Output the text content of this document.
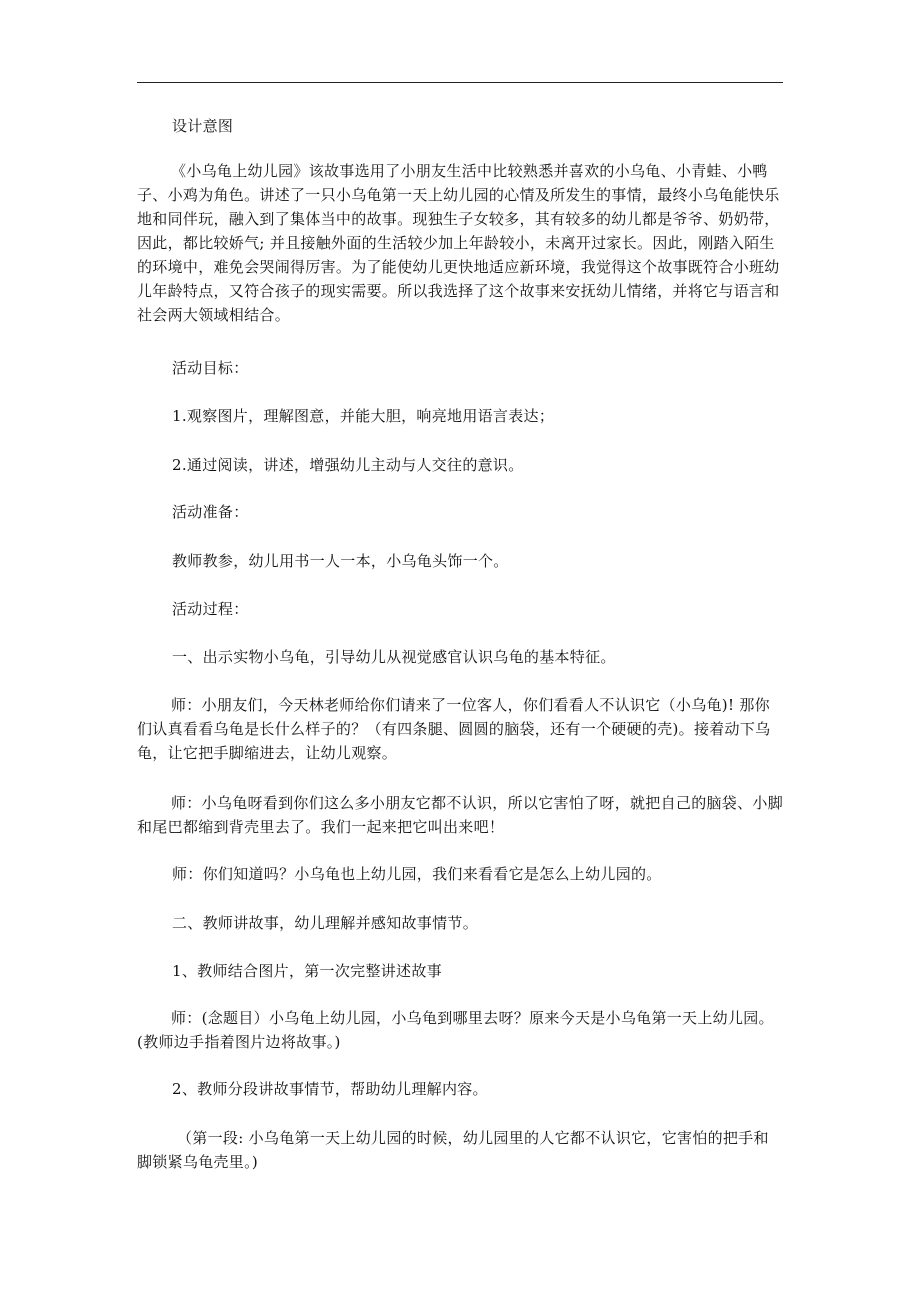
设计意图
《小乌龟上幼儿园》该故事选用了小朋友生活中比较熟悉并喜欢的小乌龟、小青蛙、小鸭子、小鸡为角色。讲述了一只小乌龟第一天上幼儿园的心情及所发生的事情，最终小乌龟能快乐地和同伴玩，融入到了集体当中的故事。现独生子女较多，其有较多的幼儿都是爷爷、奶奶带，因此，都比较娇气; 并且接触外面的生活较少加上年龄较小，未离开过家长。因此，刚踏入陌生的环境中，难免会哭闹得厉害。为了能使幼儿更快地适应新环境，我觉得这个故事既符合小班幼儿年龄特点，又符合孩子的现实需要。所以我选择了这个故事来安抚幼儿情绪，并将它与语言和社会两大领域相结合。
活动目标：
1.观察图片，理解图意，并能大胆，响亮地用语言表达；
2.通过阅读，讲述，增强幼儿主动与人交往的意识。
活动准备：
教师教参，幼儿用书一人一本，小乌龟头饰一个。
活动过程：
一、出示实物小乌龟，引导幼儿从视觉感官认识乌龟的基本特征。
师：小朋友们，今天林老师给你们请来了一位客人，你们看看人不认识它（小乌龟)! 那你们认真看看乌龟是长什么样子的？（有四条腿、圆圆的脑袋，还有一个硬硬的壳)。接着动下乌龟，让它把手脚缩进去，让幼儿观察。
师：小乌龟呀看到你们这么多小朋友它都不认识，所以它害怕了呀，就把自己的脑袋、小脚和尾巴都缩到背壳里去了。我们一起来把它叫出来吧！
师：你们知道吗？小乌龟也上幼儿园，我们来看看它是怎么上幼儿园的。
二、教师讲故事，幼儿理解并感知故事情节。
1、教师结合图片，第一次完整讲述故事
师：(念题目）小乌龟上幼儿园，小乌龟到哪里去呀？原来今天是小乌龟第一天上幼儿园。(教师边手指着图片边将故事。)
2、教师分段讲故事情节，帮助幼儿理解内容。
（第一段: 小乌龟第一天上幼儿园的时候，幼儿园里的人它都不认识它，它害怕的把手和脚锁紧乌龟壳里。)
